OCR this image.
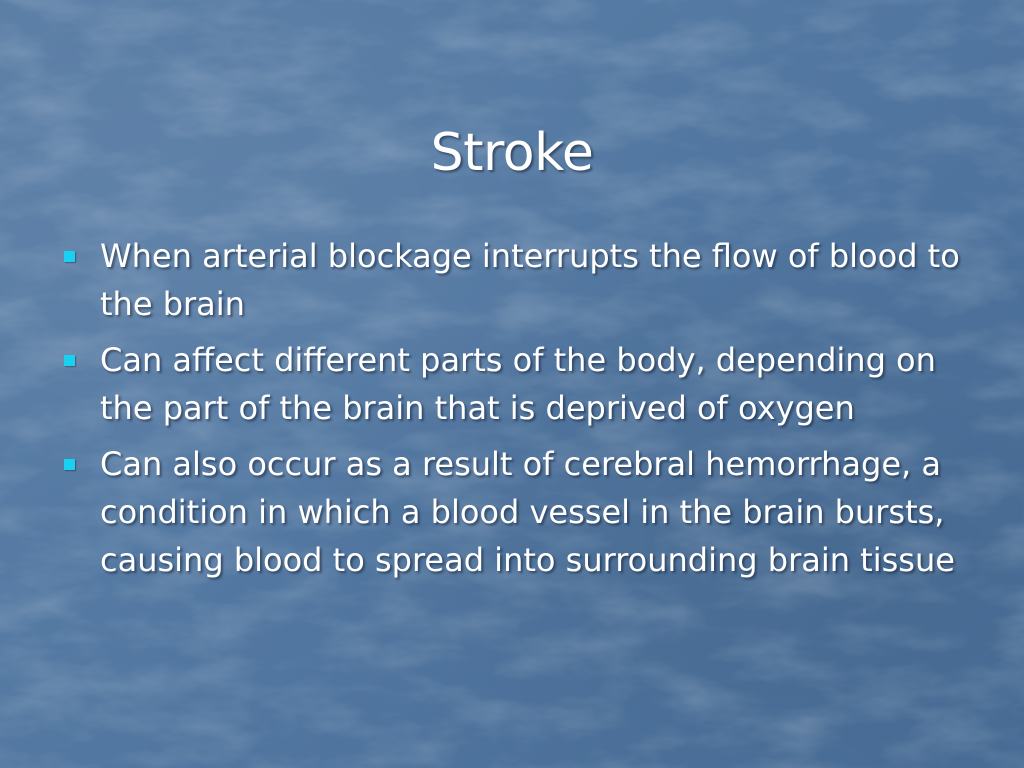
Stroke
When arterial blockage interrupts the flow of blood to the brain
Can affect different parts of the body, depending on the part of the brain that is deprived of oxygen
Can also occur as a result of cerebral hemorrhage, a condition in which a blood vessel in the brain bursts, causing blood to spread into surrounding brain tissue
